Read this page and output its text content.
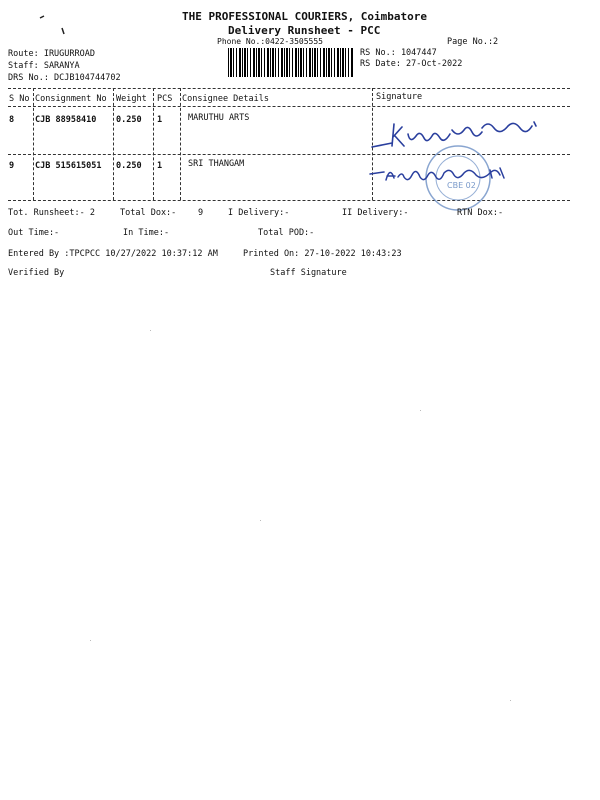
THE PROFESSIONAL COURIERS, Coimbatore
Delivery Runsheet - PCC
Phone No.:0422-3505555	Page No.:2
RS No.: 1047447
RS Date: 27-Oct-2022
Route: IRUGURROAD
Staff: SARANYA
DRS No.: DCJB104744702
S No Consignment No Weight PCS Consignee Details	Signature
8 CJB 88958410 0.250 1	MARUTHU ARTS
9 CJB 515615051 0.250 1	SRI THANGAM
CBE 02
Tot. Runsheet:- 2	Total Dox:-	9	I Delivery:-	II Delivery:-	RTN Dox:-
Out Time:-	In Time:-	Total POD:-
Entered By :TPCPCC 10/27/2022 10:37:12 AM	Printed On: 27-10-2022 10:43:23
Verified By	Staff Signature
